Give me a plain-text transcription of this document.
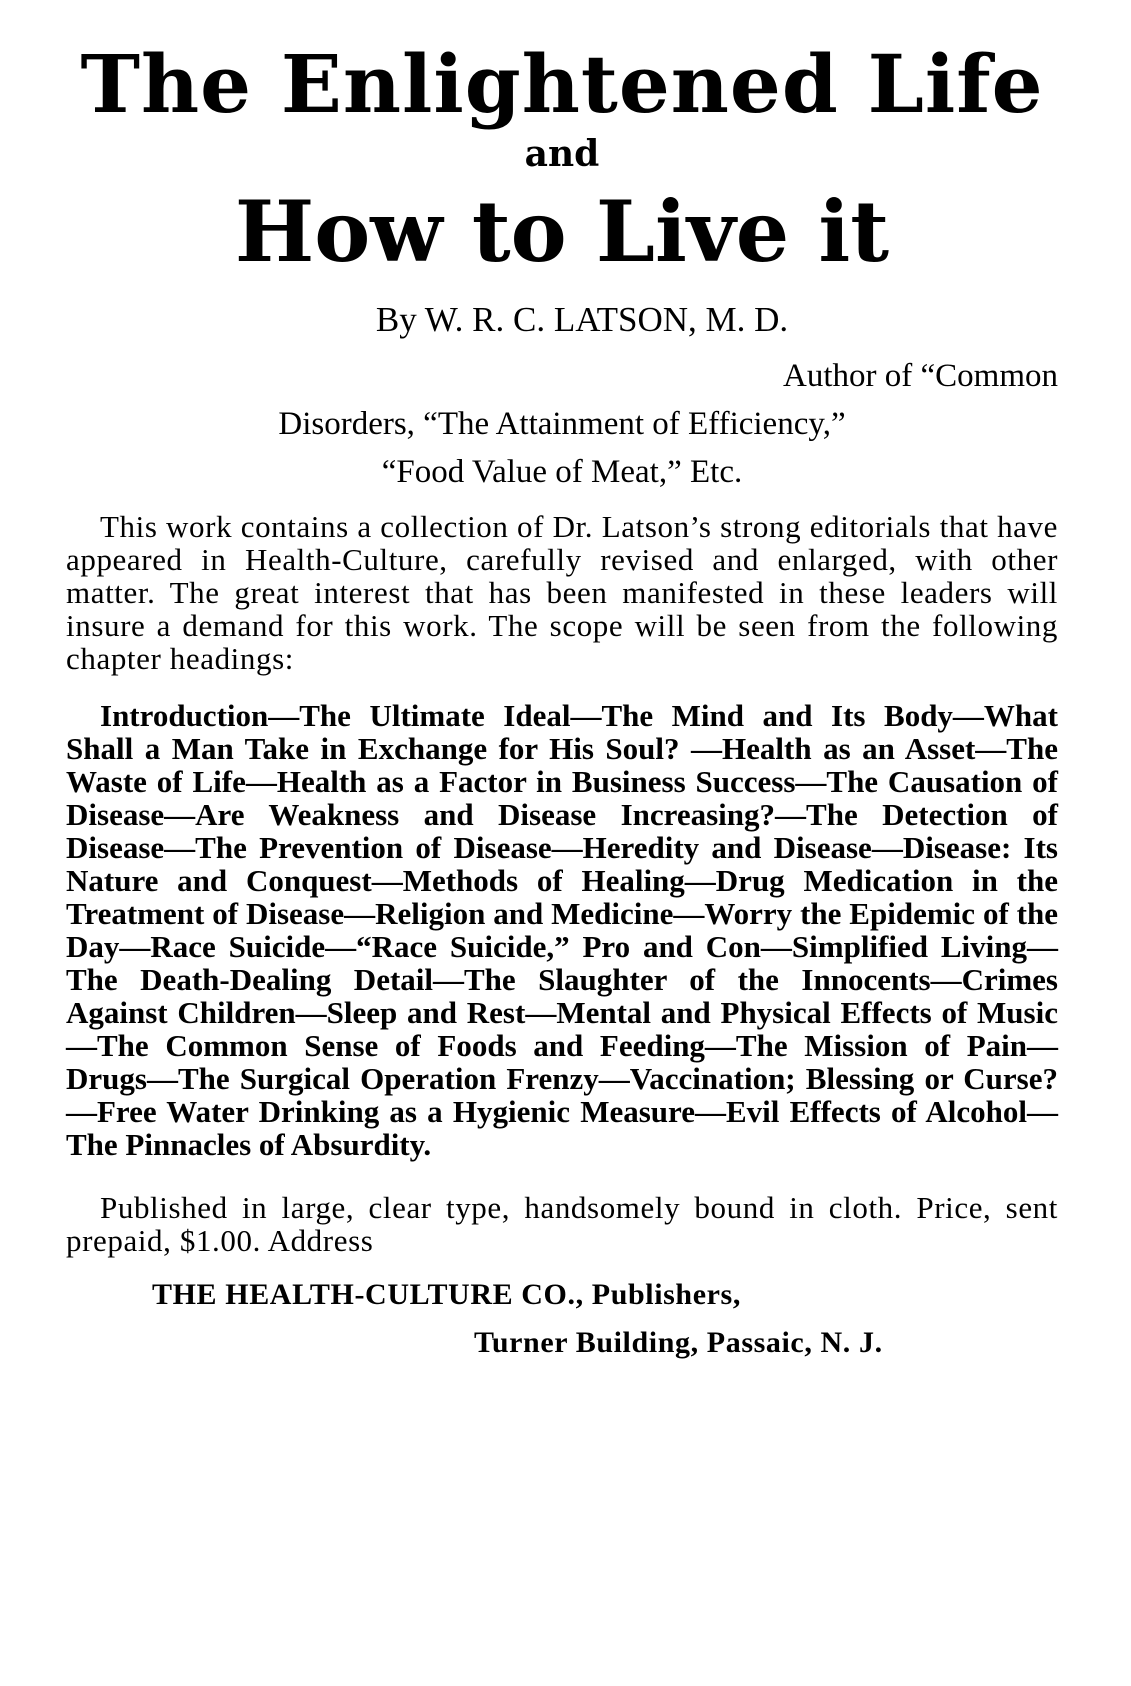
The Enlightened Life
and
How to Live it
By W. R. C. LATSON, M. D.
Author of “Common
Disorders, “The Attainment of Efficiency,”
“Food Value of Meat,” Etc.

This work contains a collection of Dr. Latson’s strong editorials that have appeared in Health-Culture, carefully revised and enlarged, with other matter. The great interest that has been manifested in these leaders will insure a demand for this work. The scope will be seen from the following chapter headings:

Introduction—The Ultimate Ideal—The Mind and Its Body—What Shall a Man Take in Exchange for His Soul? —Health as an Asset—The Waste of Life—Health as a Factor in Business Success—The Causation of Disease—Are Weakness and Disease Increasing?—The Detection of Disease—The Prevention of Disease—Heredity and Disease—Disease: Its Nature and Conquest—Methods of Healing—Drug Medication in the Treatment of Disease—Religion and Medicine—Worry the Epidemic of the Day—Race Suicide—“Race Suicide,” Pro and Con—Simplified Living—The Death-Dealing Detail—The Slaughter of the Innocents—Crimes Against Children—Sleep and Rest—Mental and Physical Effects of Music—The Common Sense of Foods and Feeding—The Mission of Pain—Drugs—The Surgical Operation Frenzy—Vaccination; Blessing or Curse?—Free Water Drinking as a Hygienic Measure—Evil Effects of Alcohol—The Pinnacles of Absurdity.

Published in large, clear type, handsomely bound in cloth. Price, sent prepaid, $1.00. Address

THE HEALTH-CULTURE CO., Publishers,
Turner Building, Passaic, N. J.
